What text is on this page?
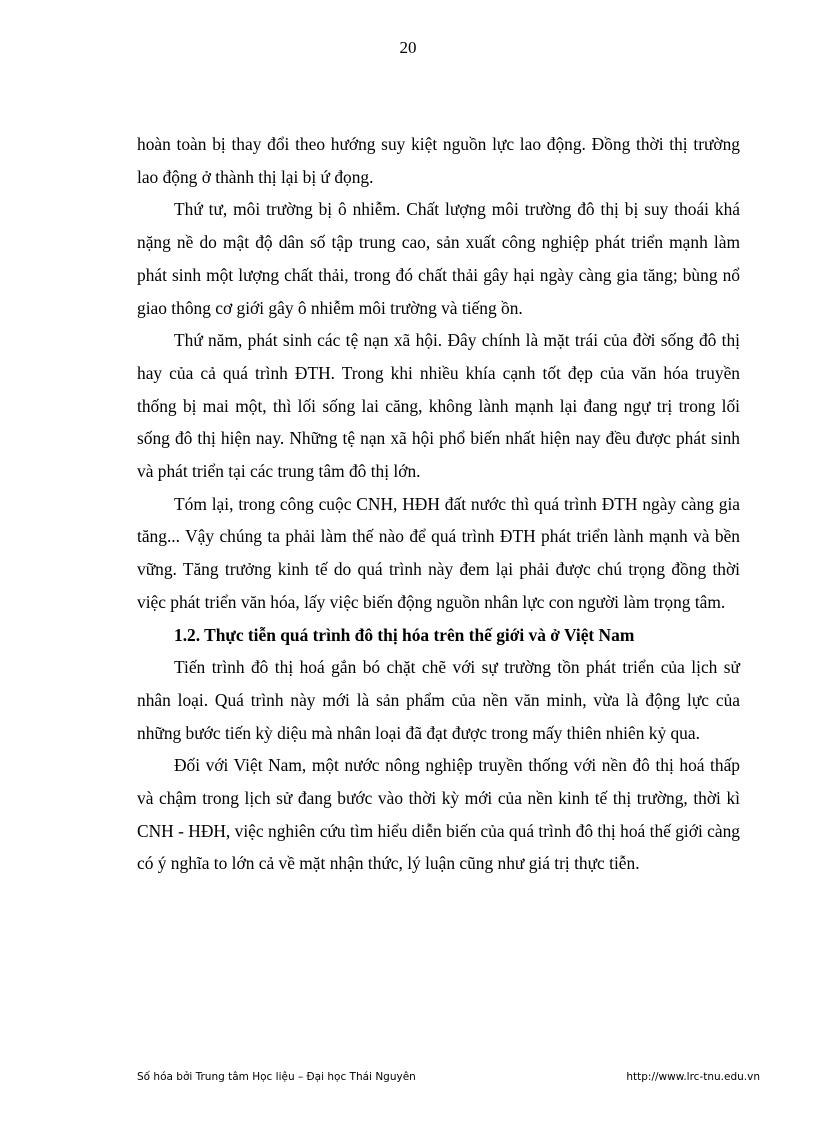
20

hoàn toàn bị thay đổi theo hướng suy kiệt nguồn lực lao động. Đồng thời thị trường lao động ở thành thị lại bị ứ đọng.

Thứ tư, môi trường bị ô nhiễm. Chất lượng môi trường đô thị bị suy thoái khá nặng nề do mật độ dân số tập trung cao, sản xuất công nghiệp phát triển mạnh làm phát sinh một lượng chất thải, trong đó chất thải gây hại ngày càng gia tăng; bùng nổ giao thông cơ giới gây ô nhiễm môi trường và tiếng ồn.

Thứ năm, phát sinh các tệ nạn xã hội. Đây chính là mặt trái của đời sống đô thị hay của cả quá trình ĐTH. Trong khi nhiều khía cạnh tốt đẹp của văn hóa truyền thống bị mai một, thì lối sống lai căng, không lành mạnh lại đang ngự trị trong lối sống đô thị hiện nay. Những tệ nạn xã hội phổ biến nhất hiện nay đều được phát sinh và phát triển tại các trung tâm đô thị lớn.

Tóm lại, trong công cuộc CNH, HĐH đất nước thì quá trình ĐTH ngày càng gia tăng... Vậy chúng ta phải làm thế nào để quá trình ĐTH phát triển lành mạnh và bền vững. Tăng trưởng kinh tế do quá trình này đem lại phải được chú trọng đồng thời việc phát triển văn hóa, lấy việc biến động nguồn nhân lực con người làm trọng tâm.

1.2. Thực tiễn quá trình đô thị hóa trên thế giới và ở Việt Nam

Tiến trình đô thị hoá gắn bó chặt chẽ với sự trường tồn phát triển của lịch sử nhân loại. Quá trình này mới là sản phẩm của nền văn minh, vừa là động lực của những bước tiến kỳ diệu mà nhân loại đã đạt được trong mấy thiên nhiên kỷ qua.

Đối với Việt Nam, một nước nông nghiệp truyền thống với nền đô thị hoá thấp và chậm trong lịch sử đang bước vào thời kỳ mới của nền kinh tế thị trường, thời kì CNH - HĐH, việc nghiên cứu tìm hiểu diễn biến của quá trình đô thị hoá thế giới càng có ý nghĩa to lớn cả về mặt nhận thức, lý luận cũng như giá trị thực tiễn.

Số hóa bởi Trung tâm Học liệu – Đại học Thái Nguyên	http://www.lrc-tnu.edu.vn
